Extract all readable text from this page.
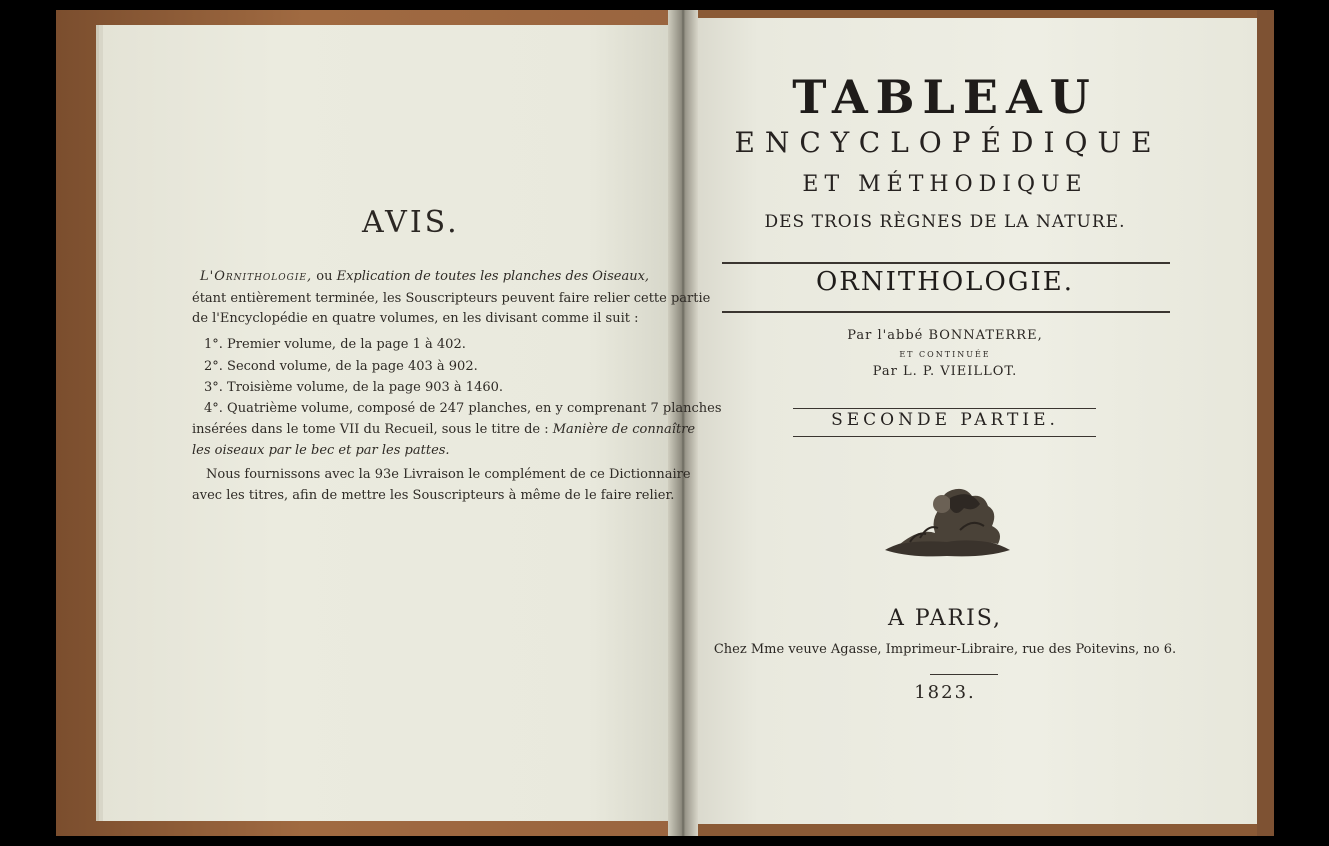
AVIS.
L'Ornithologie, ou Explication de toutes les planches des Oiseaux,
étant entièrement terminée, les Souscripteurs peuvent faire relier cette partie
de l'Encyclopédie en quatre volumes, en les divisant comme il suit :
1°. Premier volume, de la page 1 à 402.
2°. Second volume, de la page 403 à 902.
3°. Troisième volume, de la page 903 à 1460.
4°. Quatrième volume, composé de 247 planches, en y comprenant 7 planches
insérées dans le tome VII du Recueil, sous le titre de : Manière de connaître
les oiseaux par le bec et par les pattes.
Nous fournissons avec la 93e Livraison le complément de ce Dictionnaire
avec les titres, afin de mettre les Souscripteurs à même de le faire relier.
TABLEAU
ENCYCLOPÉDIQUE
ET MÉTHODIQUE
DES TROIS RÈGNES DE LA NATURE.
ORNITHOLOGIE.
Par l'abbé BONNATERRE,
ET CONTINUÉE
Par L. P. VIEILLOT.
SECONDE PARTIE.
A PARIS,
Chez Mme veuve Agasse, Imprimeur-Libraire, rue des Poitevins, no 6.
1823.
